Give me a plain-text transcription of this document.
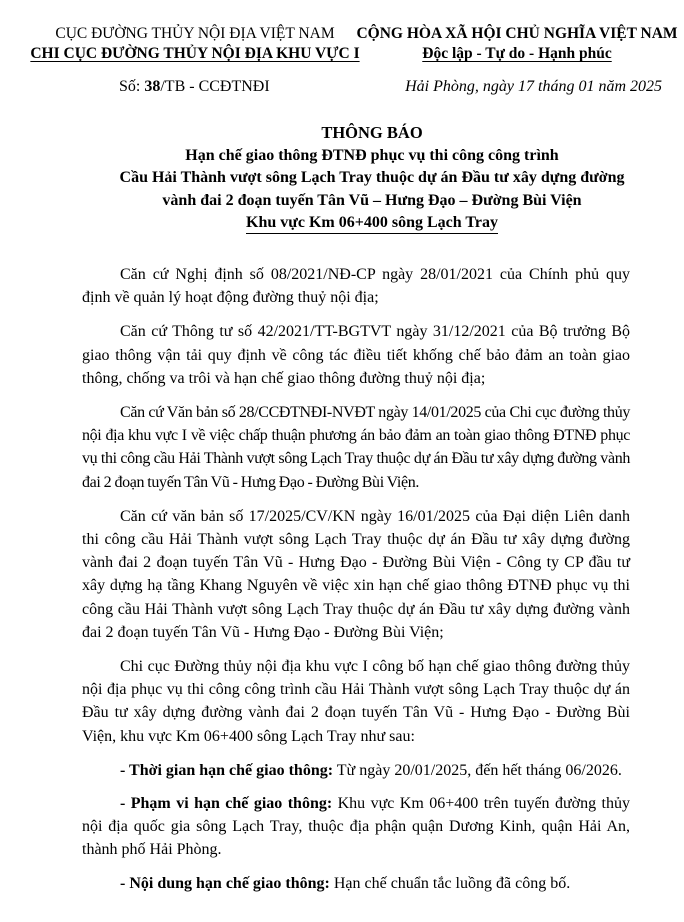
CỤC ĐƯỜNG THỦY NỘI ĐỊA VIỆT NAM
CHI CỤC ĐƯỜNG THỦY NỘI ĐỊA KHU VỰC I
CỘNG HÒA XÃ HỘI CHỦ NGHĨA VIỆT NAM
Độc lập - Tự do - Hạnh phúc
Số: 38/TB - CCĐTNĐI	Hải Phòng, ngày 17 tháng 01 năm 2025
THÔNG BÁO
Hạn chế giao thông ĐTNĐ phục vụ thi công công trình
Cầu Hải Thành vượt sông Lạch Tray thuộc dự án Đầu tư xây dựng đường
vành đai 2 đoạn tuyến Tân Vũ – Hưng Đạo – Đường Bùi Viện
Khu vực Km 06+400 sông Lạch Tray

Căn cứ Nghị định số 08/2021/NĐ-CP ngày 28/01/2021 của Chính phủ quy định về quản lý hoạt động đường thuỷ nội địa;

Căn cứ Thông tư số 42/2021/TT-BGTVT ngày 31/12/2021 của Bộ trưởng Bộ giao thông vận tải quy định về công tác điều tiết khống chế bảo đảm an toàn giao thông, chống va trôi và hạn chế giao thông đường thuỷ nội địa;

Căn cứ Văn bản số 28/CCĐTNĐI-NVĐT ngày 14/01/2025 của Chi cục đường thủy nội địa khu vực I về việc chấp thuận phương án bảo đảm an toàn giao thông ĐTNĐ phục vụ thi công cầu Hải Thành vượt sông Lạch Tray thuộc dự án Đầu tư xây dựng đường vành đai 2 đoạn tuyến Tân Vũ - Hưng Đạo - Đường Bùi Viện.

Căn cứ văn bản số 17/2025/CV/KN ngày 16/01/2025 của Đại diện Liên danh thi công cầu Hải Thành vượt sông Lạch Tray thuộc dự án Đầu tư xây dựng đường vành đai 2 đoạn tuyến Tân Vũ - Hưng Đạo - Đường Bùi Viện - Công ty CP đầu tư xây dựng hạ tầng Khang Nguyên về việc xin hạn chế giao thông ĐTNĐ phục vụ thi công cầu Hải Thành vượt sông Lạch Tray thuộc dự án Đầu tư xây dựng đường vành đai 2 đoạn tuyến Tân Vũ - Hưng Đạo - Đường Bùi Viện;

Chi cục Đường thủy nội địa khu vực I công bố hạn chế giao thông đường thủy nội địa phục vụ thi công công trình cầu Hải Thành vượt sông Lạch Tray thuộc dự án Đầu tư xây dựng đường vành đai 2 đoạn tuyến Tân Vũ - Hưng Đạo - Đường Bùi Viện, khu vực Km 06+400 sông Lạch Tray như sau:

- Thời gian hạn chế giao thông: Từ ngày 20/01/2025, đến hết tháng 06/2026.

- Phạm vi hạn chế giao thông: Khu vực Km 06+400 trên tuyến đường thủy nội địa quốc gia sông Lạch Tray, thuộc địa phận quận Dương Kinh, quận Hải An, thành phố Hải Phòng.

- Nội dung hạn chế giao thông: Hạn chế chuẩn tắc luồng đã công bố.
